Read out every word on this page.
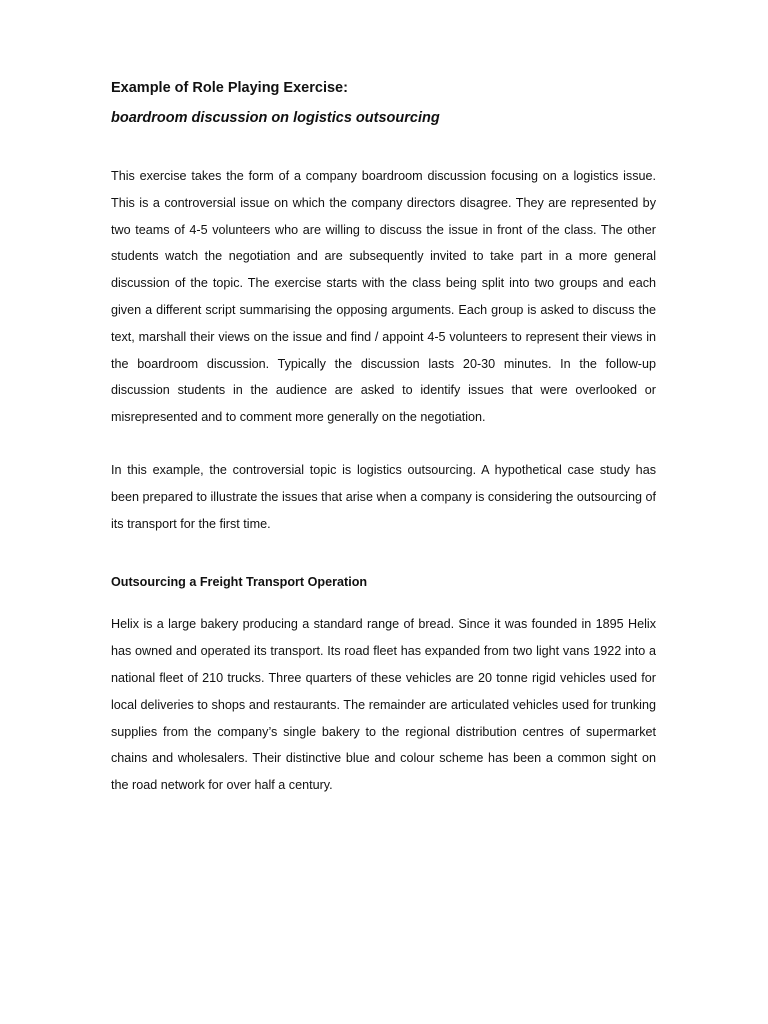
Example of Role Playing Exercise:
boardroom discussion on logistics outsourcing

This exercise takes the form of a company boardroom discussion focusing on a logistics issue. This is a controversial issue on which the company directors disagree. They are represented by two teams of 4-5 volunteers who are willing to discuss the issue in front of the class. The other students watch the negotiation and are subsequently invited to take part in a more general discussion of the topic. The exercise starts with the class being split into two groups and each given a different script summarising the opposing arguments. Each group is asked to discuss the text, marshall their views on the issue and find / appoint 4-5 volunteers to represent their views in the boardroom discussion. Typically the discussion lasts 20-30 minutes. In the follow-up discussion students in the audience are asked to identify issues that were overlooked or misrepresented and to comment more generally on the negotiation.

In this example, the controversial topic is logistics outsourcing. A hypothetical case study has been prepared to illustrate the issues that arise when a company is considering the outsourcing of its transport for the first time.

Outsourcing a Freight Transport Operation

Helix is a large bakery producing a standard range of bread. Since it was founded in 1895 Helix has owned and operated its transport. Its road fleet has expanded from two light vans 1922 into a national fleet of 210 trucks. Three quarters of these vehicles are 20 tonne rigid vehicles used for local deliveries to shops and restaurants. The remainder are articulated vehicles used for trunking supplies from the company’s single bakery to the regional distribution centres of supermarket chains and wholesalers. Their distinctive blue and colour scheme has been a common sight on the road network for over half a century.
